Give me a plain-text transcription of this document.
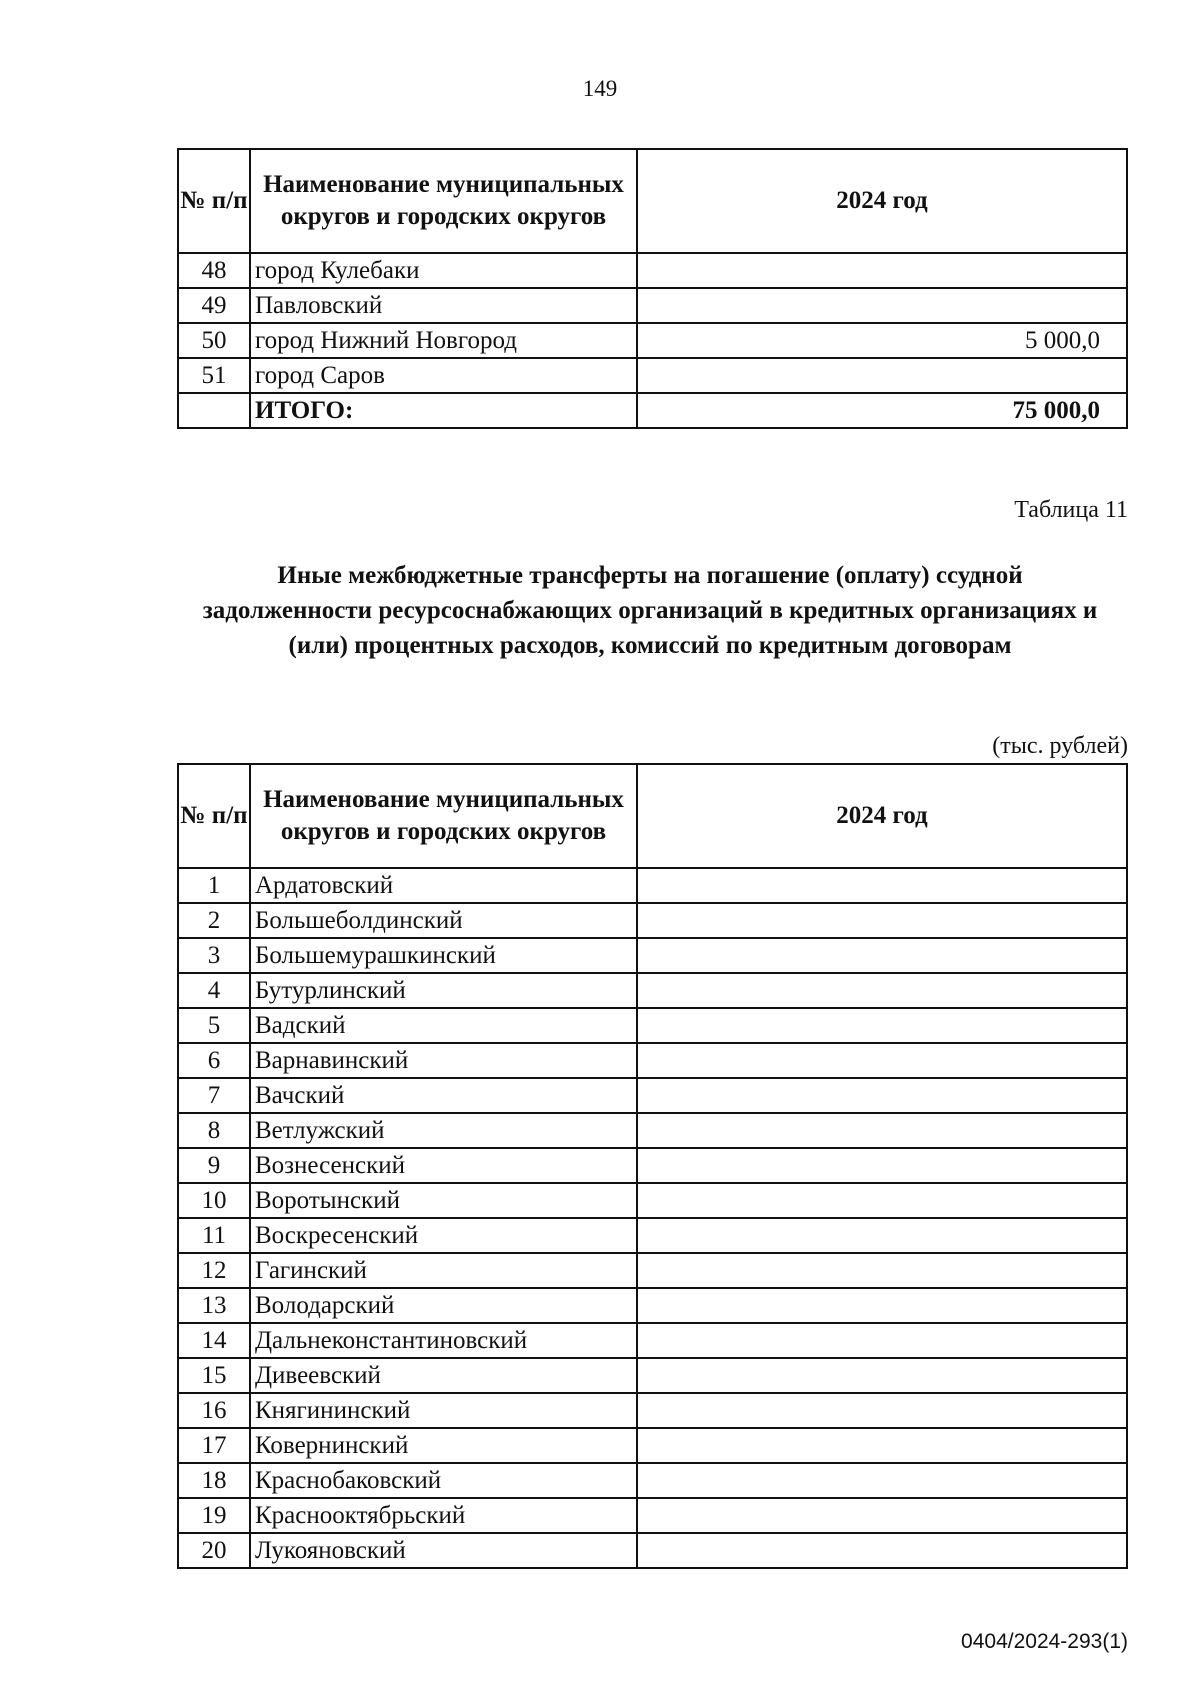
149
№ п/п	Наименование муниципальных округов и городских округов	2024 год
48	город Кулебаки	
49	Павловский	
50	город Нижний Новгород	5 000,0
51	город Саров	
	ИТОГО:	75 000,0
Таблица 11
Иные межбюджетные трансферты на погашение (оплату) ссудной задолженности ресурсоснабжающих организаций в кредитных организациях и (или) процентных расходов, комиссий по кредитным договорам
(тыс. рублей)
№ п/п	Наименование муниципальных округов и городских округов	2024 год
1	Ардатовский	
2	Большеболдинский	
3	Большемурашкинский	
4	Бутурлинский	
5	Вадский	
6	Варнавинский	
7	Вачский	
8	Ветлужский	
9	Вознесенский	
10	Воротынский	
11	Воскресенский	
12	Гагинский	
13	Володарский	
14	Дальнеконстантиновский	
15	Дивеевский	
16	Княгининский	
17	Ковернинский	
18	Краснобаковский	
19	Краснооктябрьский	
20	Лукояновский	
0404/2024-293(1)
